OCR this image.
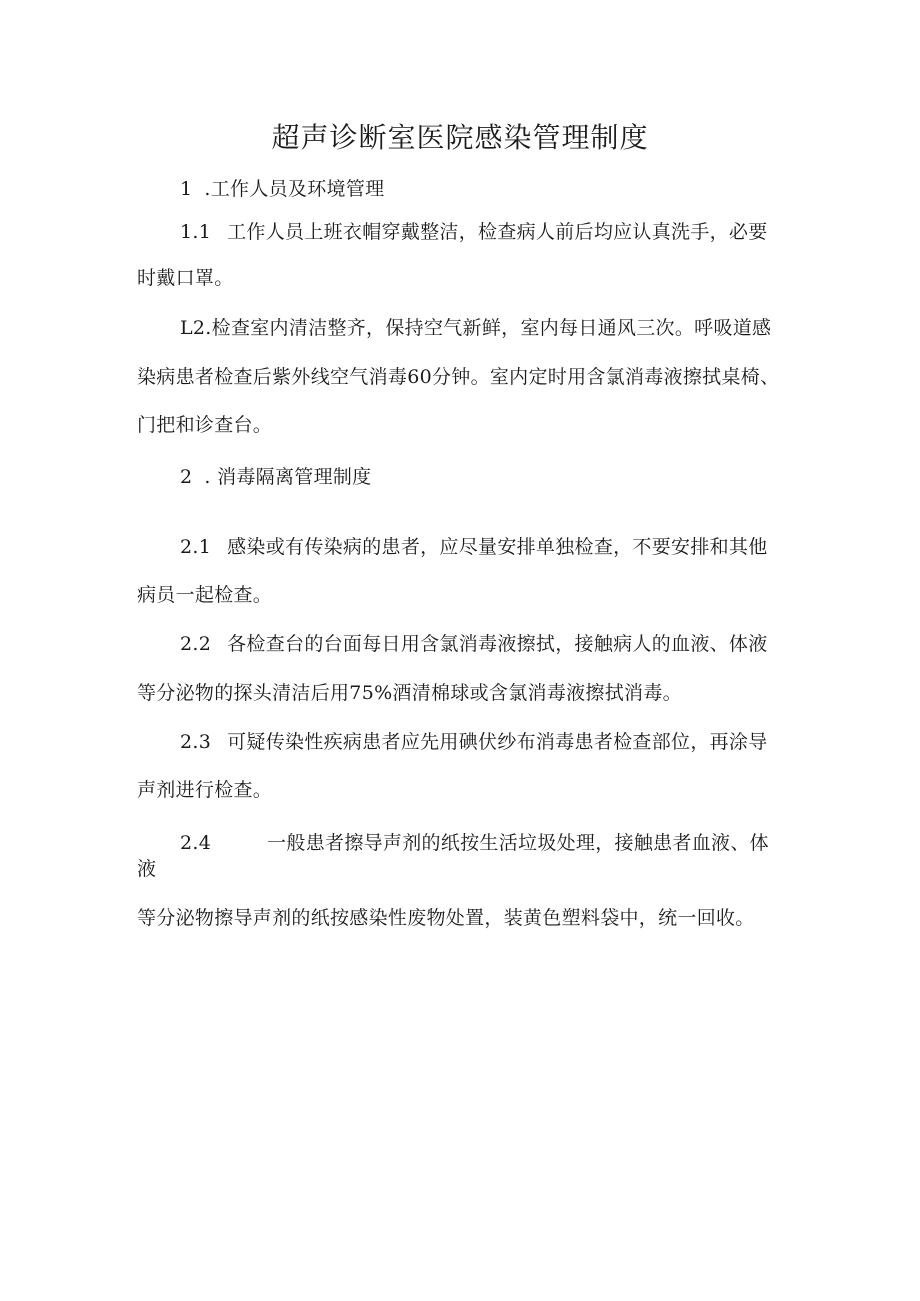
超声诊断室医院感染管理制度
1 .工作人员及环境管理
1.1 工作人员上班衣帽穿戴整洁，检查病人前后均应认真洗手，必要
时戴口罩。
L2.检查室内清洁整齐，保持空气新鲜，室内每日通风三次。呼吸道感
染病患者检查后紫外线空气消毒60分钟。室内定时用含氯消毒液擦拭桌椅、
门把和诊查台。
2 . 消毒隔离管理制度
2.1 感染或有传染病的患者，应尽量安排单独检查，不要安排和其他
病员一起检查。
2.2 各检查台的台面每日用含氯消毒液擦拭，接触病人的血液、体液
等分泌物的探头清洁后用75%酒清棉球或含氯消毒液擦拭消毒。
2.3 可疑传染性疾病患者应先用碘伏纱布消毒患者检查部位，再涂导
声剂进行检查。
2.4	一般患者擦导声剂的纸按生活垃圾处理，接触患者血液、体
液
等分泌物擦导声剂的纸按感染性废物处置，装黄色塑料袋中，统一回收。
